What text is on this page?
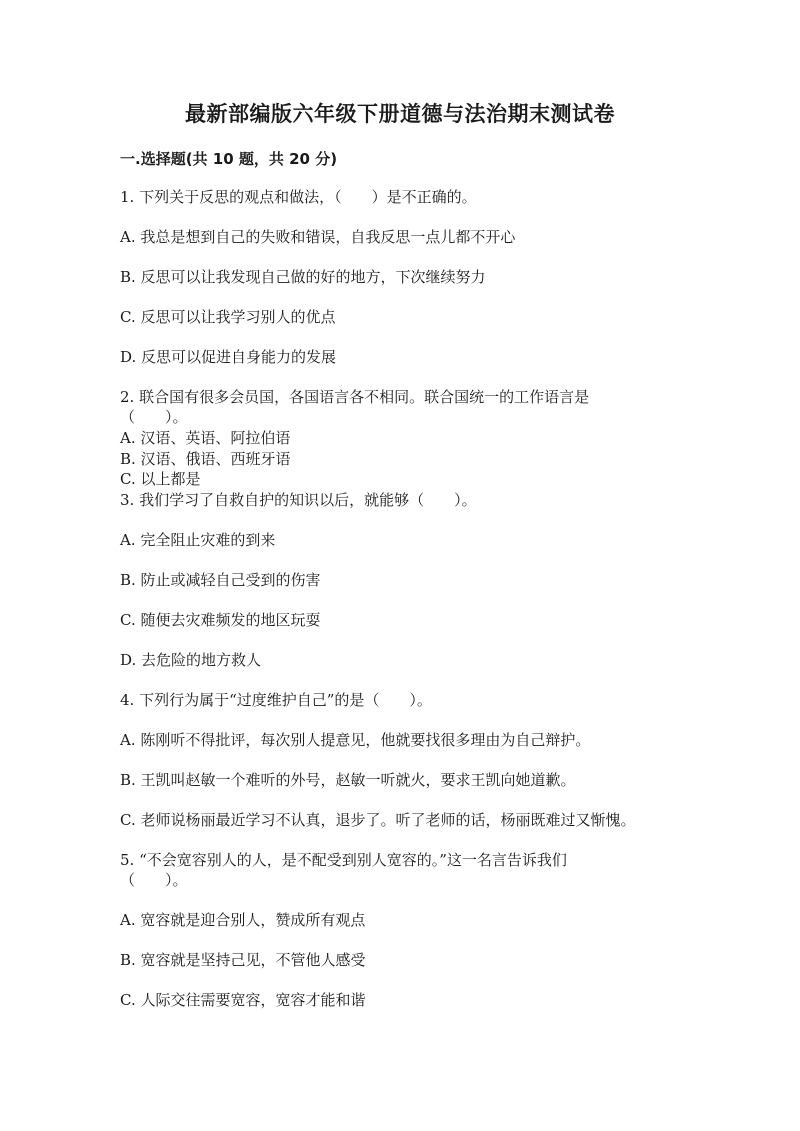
最新部编版六年级下册道德与法治期末测试卷
一.选择题(共 10 题，共 20 分)
1. 下列关于反思的观点和做法，（　　）是不正确的。
A. 我总是想到自己的失败和错误，自我反思一点儿都不开心
B. 反思可以让我发现自己做的好的地方，下次继续努力
C. 反思可以让我学习别人的优点
D. 反思可以促进自身能力的发展
2. 联合国有很多会员国，各国语言各不相同。联合国统一的工作语言是
（　　）。
A. 汉语、英语、阿拉伯语
B. 汉语、俄语、西班牙语
C. 以上都是
3. 我们学习了自救自护的知识以后，就能够（　　）。
A. 完全阻止灾难的到来
B. 防止或减轻自己受到的伤害
C. 随便去灾难频发的地区玩耍
D. 去危险的地方救人
4. 下列行为属于“过度维护自己”的是（　　）。
A. 陈刚听不得批评，每次别人提意见，他就要找很多理由为自己辩护。
B. 王凯叫赵敏一个难听的外号，赵敏一听就火，要求王凯向她道歉。
C. 老师说杨丽最近学习不认真，退步了。听了老师的话，杨丽既难过又惭愧。
5. “不会宽容别人的人，是不配受到别人宽容的。”这一名言告诉我们
（　　）。
A. 宽容就是迎合别人，赞成所有观点
B. 宽容就是坚持己见，不管他人感受
C. 人际交往需要宽容，宽容才能和谐
